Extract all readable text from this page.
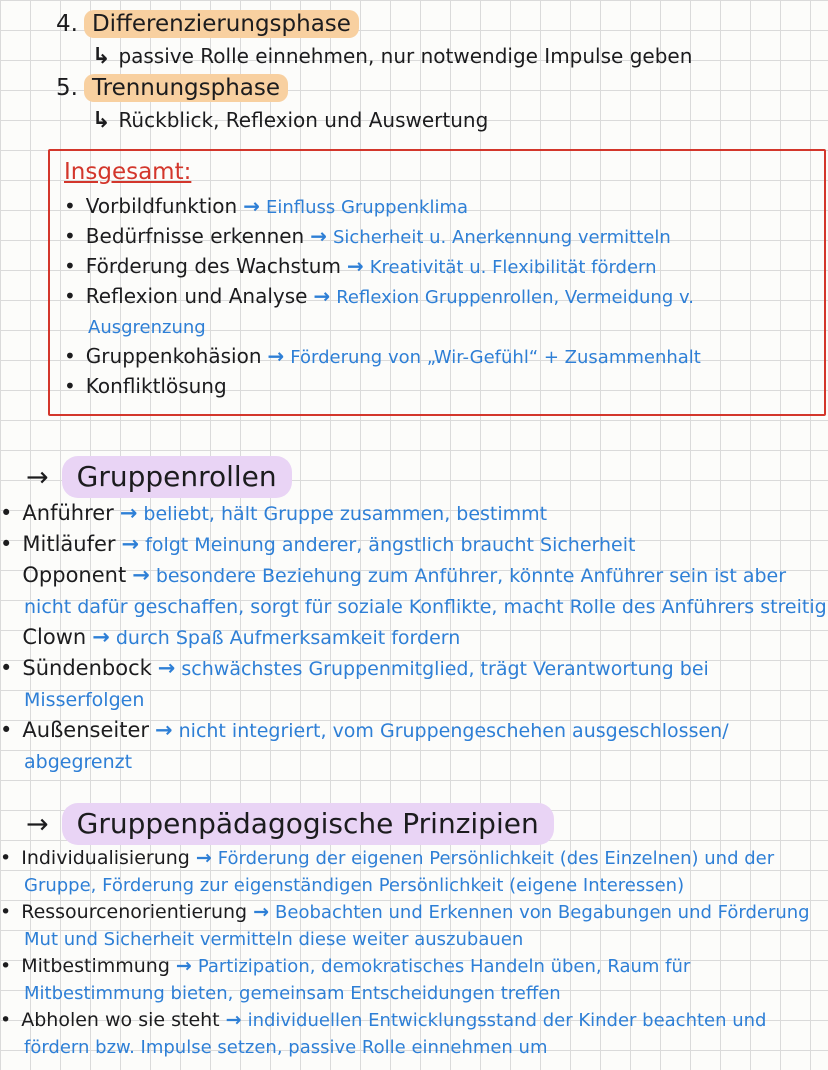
4. Differenzierungsphase
↳ passive Rolle einnehmen, nur notwendige Impulse geben
5. Trennungsphase
↳ Rückblick, Reflexion und Auswertung
Insgesamt:
• Vorbildfunktion → Einfluss Gruppenklima
• Bedürfnisse erkennen → Sicherheit u. Anerkennung vermitteln
• Förderung des Wachstum → Kreativität u. Flexibilität fördern
• Reflexion und Analyse → Reflexion Gruppenrollen, Vermeidung v. Ausgrenzung
• Gruppenkohäsion → Förderung von „Wir-Gefühl“ + Zusammenhalt
• Konfliktlösung
→	Gruppenrollen
• Anführer → beliebt, hält Gruppe zusammen, bestimmt
• Mitläufer → folgt Meinung anderer, ängstlich braucht Sicherheit
Opponent → besondere Beziehung zum Anführer, könnte Anführer sein ist aber nicht dafür geschaffen, sorgt für soziale Konflikte, macht Rolle des Anführers streitig
Clown → durch Spaß Aufmerksamkeit fordern
• Sündenbock → schwächstes Gruppenmitglied, trägt Verantwortung bei Misserfolgen
• Außenseiter → nicht integriert, vom Gruppengeschehen ausgeschlossen/ abgegrenzt
→	Gruppenpädagogische Prinzipien
• Individualisierung → Förderung der eigenen Persönlichkeit (des Einzelnen) und der Gruppe, Förderung zur eigenständigen Persönlichkeit (eigene Interessen)
• Ressourcenorientierung → Beobachten und Erkennen von Begabungen und Förderung Mut und Sicherheit vermitteln diese weiter auszubauen
• Mitbestimmung → Partizipation, demokratisches Handeln üben, Raum für Mitbestimmung bieten, gemeinsam Entscheidungen treffen
• Abholen wo sie steht → individuellen Entwicklungsstand der Kinder beachten und fördern bzw. Impulse setzen, passive Rolle einnehmen um
